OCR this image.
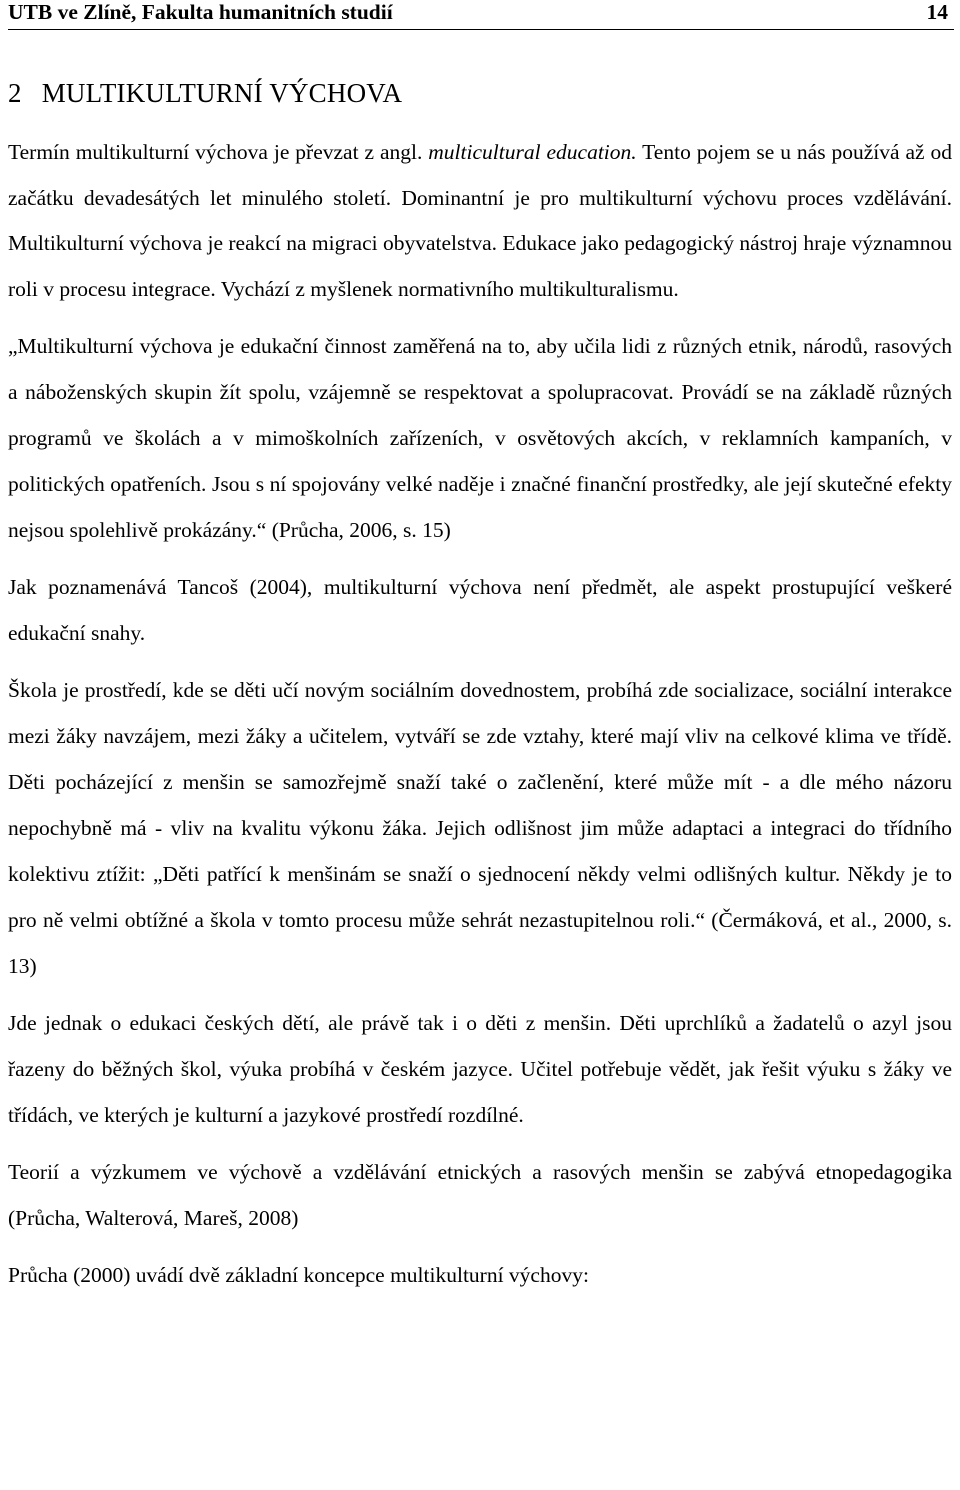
UTB ve Zlíně, Fakulta humanitních studií	14
2 MULTIKULTURNÍ VÝCHOVA

Termín multikulturní výchova je převzat z angl. multicultural education. Tento pojem se u nás používá až od začátku devadesátých let minulého století. Dominantní je pro multikulturní výchovu proces vzdělávání. Multikulturní výchova je reakcí na migraci obyvatelstva. Edukace jako pedagogický nástroj hraje významnou roli v procesu integrace. Vychází z myšlenek normativního multikulturalismu.

„Multikulturní výchova je edukační činnost zaměřená na to, aby učila lidi z různých etnik, národů, rasových a náboženských skupin žít spolu, vzájemně se respektovat a spolupracovat. Provádí se na základě různých programů ve školách a v mimoškolních zařízeních, v osvětových akcích, v reklamních kampaních, v politických opatřeních. Jsou s ní spojovány velké naděje i značné finanční prostředky, ale její skutečné efekty nejsou spolehlivě prokázány.“ (Průcha, 2006, s. 15)

Jak poznamenává Tancoš (2004), multikulturní výchova není předmět, ale aspekt prostupující veškeré edukační snahy.

Škola je prostředí, kde se děti učí novým sociálním dovednostem, probíhá zde socializace, sociální interakce mezi žáky navzájem, mezi žáky a učitelem, vytváří se zde vztahy, které mají vliv na celkové klima ve třídě. Děti pocházející z menšin se samozřejmě snaží také o začlenění, které může mít - a dle mého názoru nepochybně má - vliv na kvalitu výkonu žáka. Jejich odlišnost jim může adaptaci a integraci do třídního kolektivu ztížit: „Děti patřící k menšinám se snaží o sjednocení někdy velmi odlišných kultur. Někdy je to pro ně velmi obtížné a škola v tomto procesu může sehrát nezastupitelnou roli.“ (Čermáková, et al., 2000, s. 13)

Jde jednak o edukaci českých dětí, ale právě tak i o děti z menšin. Děti uprchlíků a žadatelů o azyl jsou řazeny do běžných škol, výuka probíhá v českém jazyce. Učitel potřebuje vědět, jak řešit výuku s žáky ve třídách, ve kterých je kulturní a jazykové prostředí rozdílné.

Teorií a výzkumem ve výchově a vzdělávání etnických a rasových menšin se zabývá etnopedagogika (Průcha, Walterová, Mareš, 2008)

Průcha (2000) uvádí dvě základní koncepce multikulturní výchovy:
